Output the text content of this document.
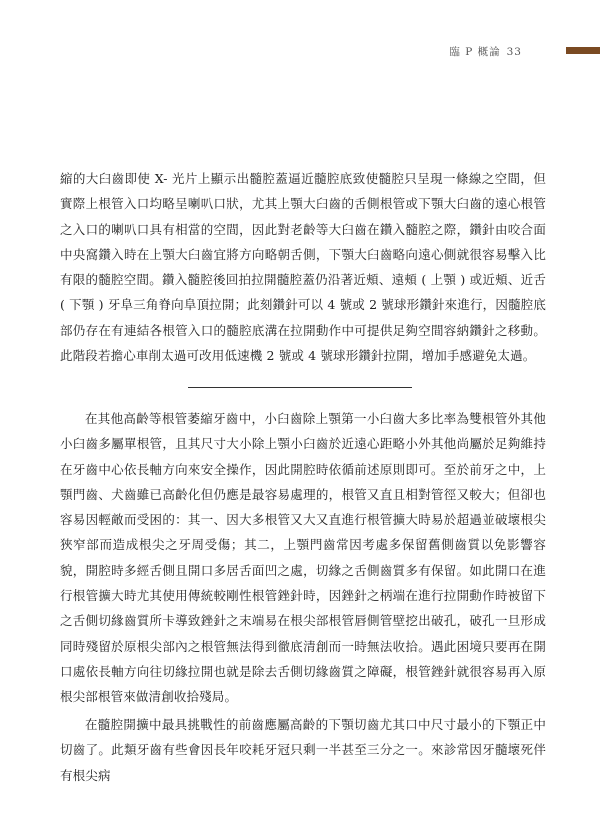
臨 P 概論 33

縮的大臼齒即使 X- 光片上顯示出髓腔蓋逼近髓腔底致使髓腔只呈現一條線之空間，但實際上根管入口均略呈喇叭口狀，尤其上顎大臼齒的舌側根管或下顎大臼齒的遠心根管之入口的喇叭口具有相當的空間，因此對老齡等大臼齒在鑽入髓腔之際，鑽針由咬合面中央窩鑽入時在上顎大臼齒宜將方向略朝舌側，下顎大臼齒略向遠心側就很容易擊入比有限的髓腔空間。鑽入髓腔後回拍拉開髓腔蓋仍沿著近頰、遠頰 ( 上顎 ) 或近頰、近舌 ( 下顎 ) 牙阜三角脊向阜頂拉開；此刻鑽針可以 4 號或 2 號球形鑽針來進行，因髓腔底部仍存在有連結各根管入口的髓腔底溝在拉開動作中可提供足夠空間容納鑽針之移動。此階段若擔心車削太過可改用低速機 2 號或 4 號球形鑽針拉開，增加手感避免太過。

在其他高齡等根管萎縮牙齒中，小臼齒除上顎第一小臼齒大多比率為雙根管外其他小臼齒多屬單根管，且其尺寸大小除上顎小臼齒於近遠心距略小外其他尚屬於足夠維持在牙齒中心依長軸方向來安全操作，因此開腔時依循前述原則即可。至於前牙之中，上顎門齒、犬齒雖已高齡化但仍應是最容易處理的，根管又直且相對管徑又較大；但卻也容易因輕敵而受困的：其一、因大多根管又大又直進行根管擴大時易於超過並破壞根尖狹窄部而造成根尖之牙周受傷；其二，上顎門齒常因考處多保留舊側齒質以免影響容貌，開腔時多經舌側且開口多居舌面凹之處，切緣之舌側齒質多有保留。如此開口在進行根管擴大時尤其使用傳統較剛性根管銼針時，因銼針之柄端在進行拉開動作時被留下之舌側切緣齒質所卡導致銼針之末端易在根尖部根管唇側管壁挖出破孔，破孔一旦形成同時殘留於原根尖部內之根管無法得到徹底清創而一時無法收拾。遇此困境只要再在開口處依長軸方向往切緣拉開也就是除去舌側切緣齒質之障礙，根管銼針就很容易再入原根尖部根管來做清創收拾殘局。

在髓腔開擴中最具挑戰性的前齒應屬高齡的下顎切齒尤其口中尺寸最小的下顎正中切齒了。此類牙齒有些會因長年咬耗牙冠只剩一半甚至三分之一。來診常因牙髓壞死伴有根尖病
